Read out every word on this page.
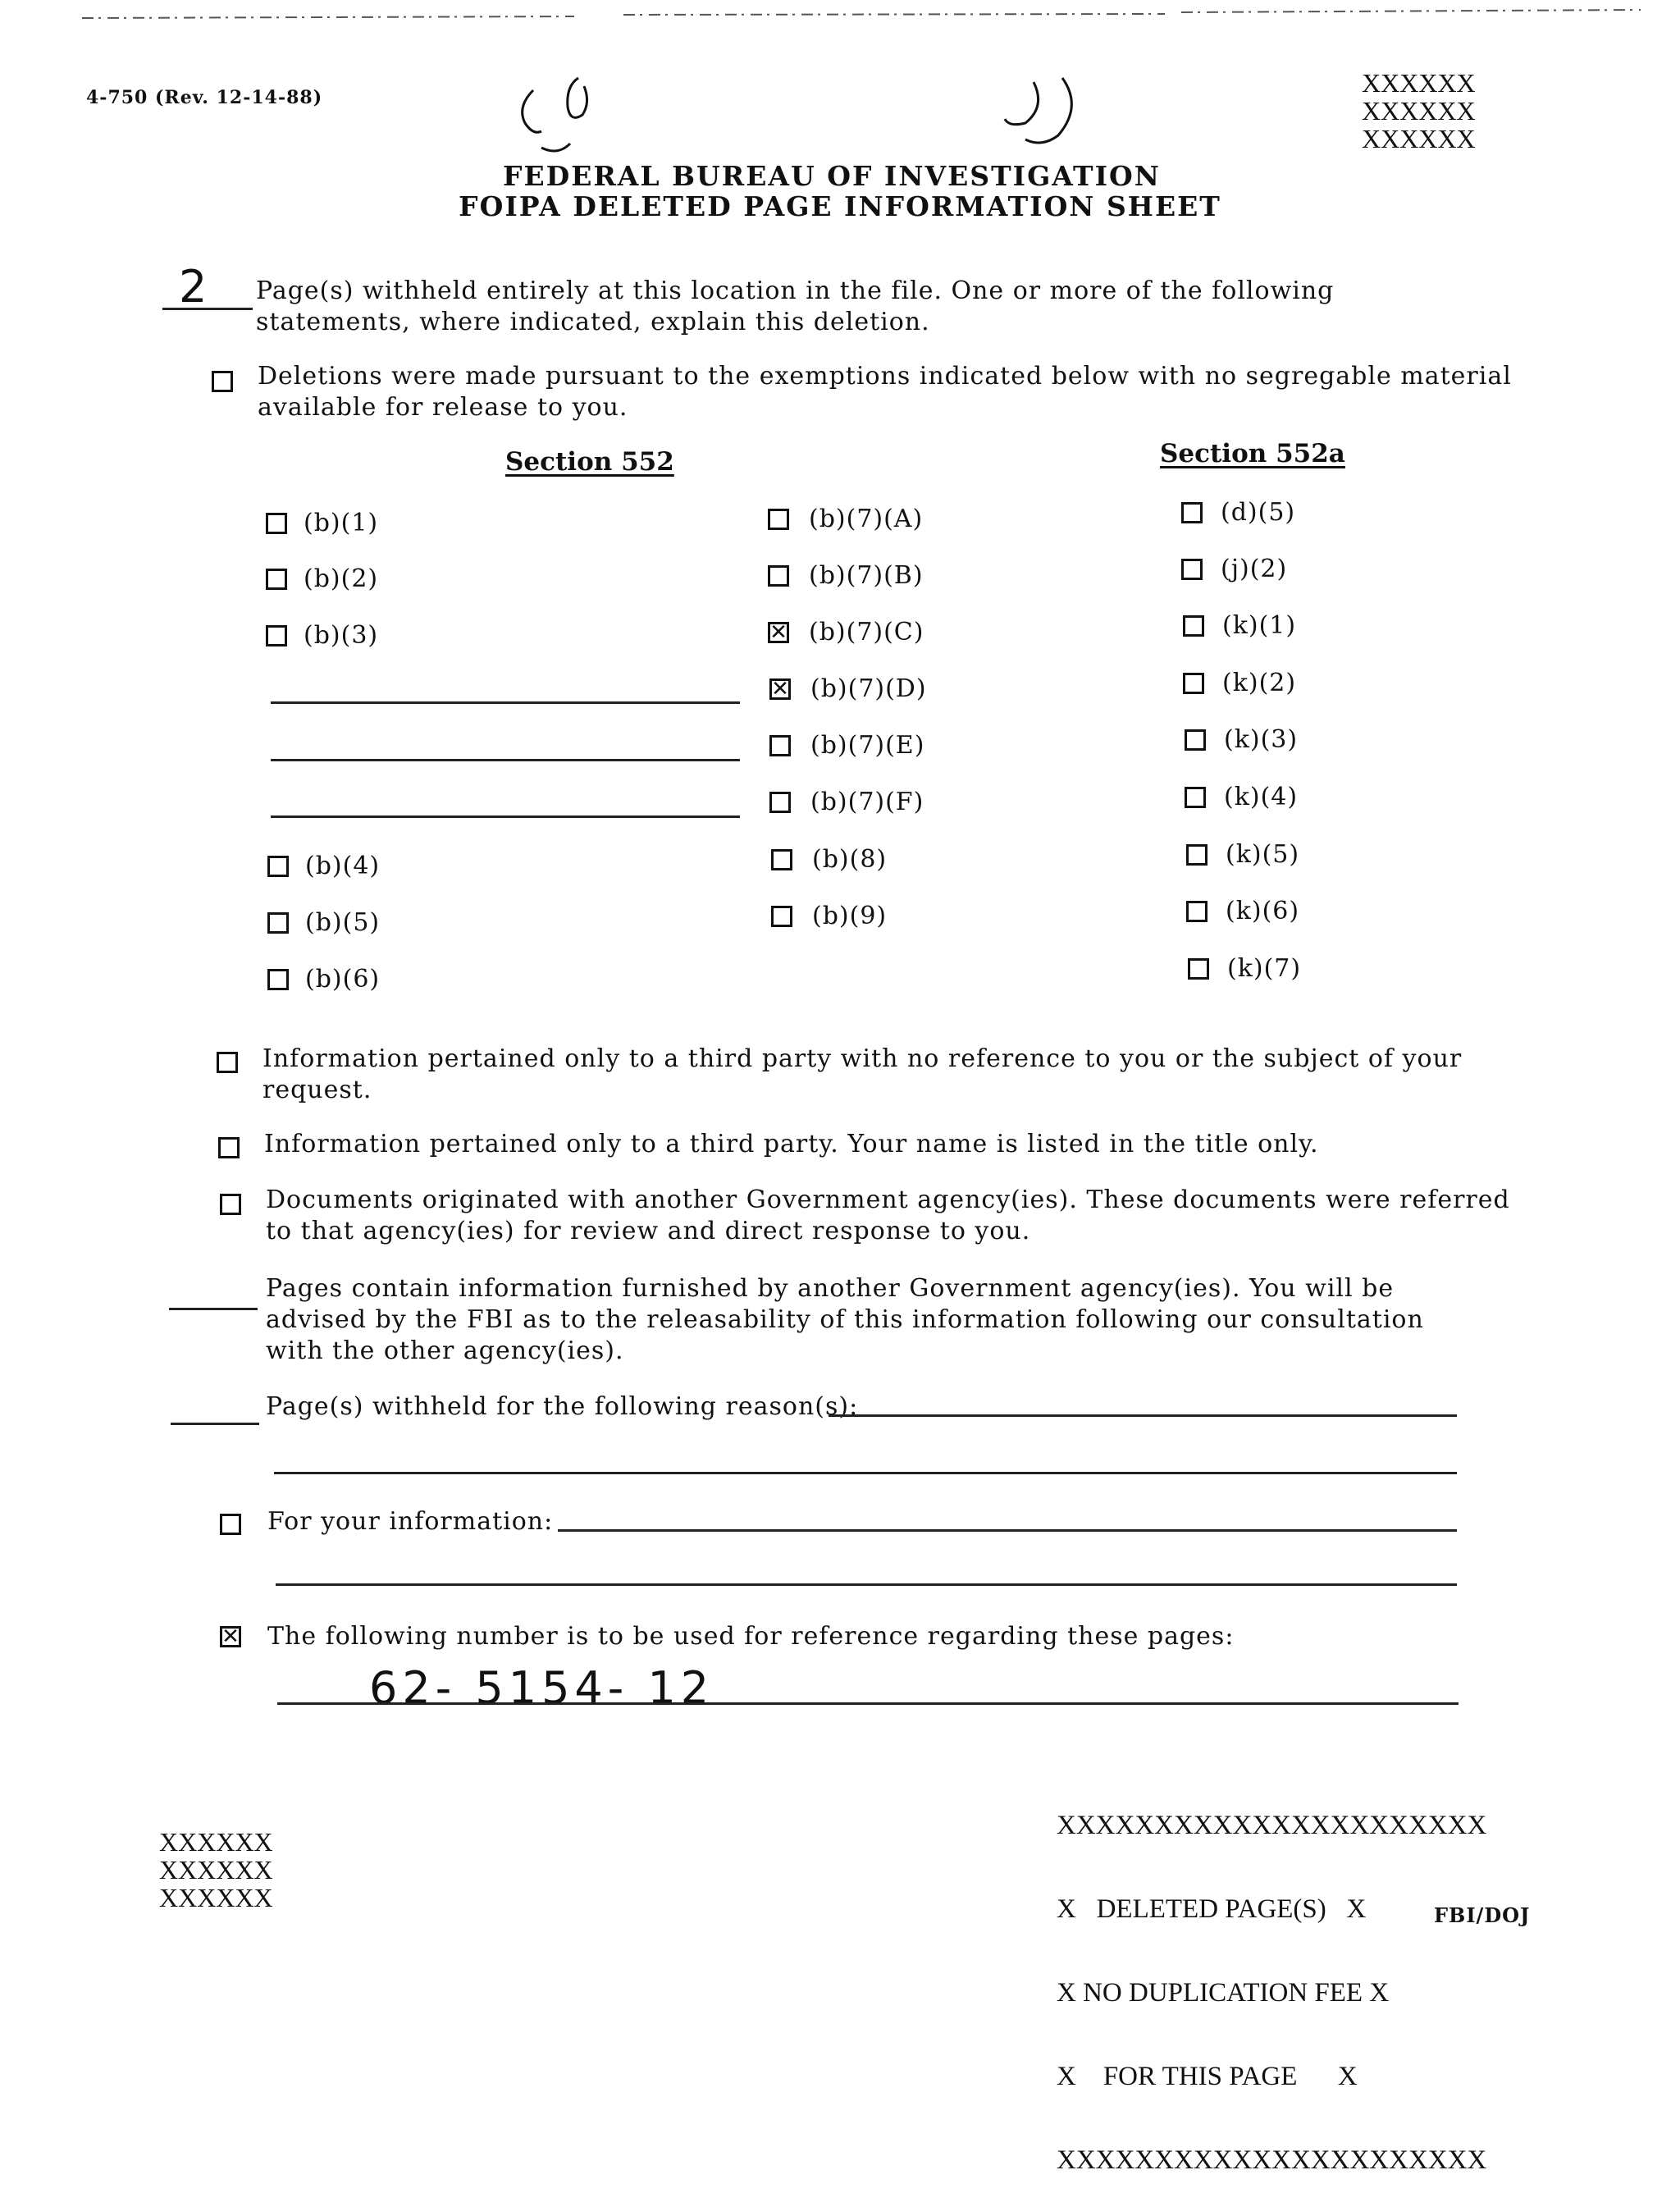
4-750 (Rev. 12-14-88)	XXXXXX
XXXXXX
XXXXXX
FEDERAL BUREAU OF INVESTIGATION
FOIPA DELETED PAGE INFORMATION SHEET
2 Page(s) withheld entirely at this location in the file. One or more of the following
statements, where indicated, explain this deletion.
Deletions were made pursuant to the exemptions indicated below with no segregable material
available for release to you.
Section 552	Section 552a
(b)(1)
(b)(2)
(b)(3)
(b)(4)
(b)(5)
(b)(6)
(b)(7)(A)
(b)(7)(B)
✕ (b)(7)(C)
✕ (b)(7)(D)
(b)(7)(E)
(b)(7)(F)
(b)(8)
(b)(9)
(d)(5)
(j)(2)
(k)(1)
(k)(2)
(k)(3)
(k)(4)
(k)(5)
(k)(6)
(k)(7)
Information pertained only to a third party with no reference to you or the subject of your
request.
Information pertained only to a third party. Your name is listed in the title only.
Documents originated with another Government agency(ies). These documents were referred
to that agency(ies) for review and direct response to you.
Pages contain information furnished by another Government agency(ies). You will be
advised by the FBI as to the releasability of this information following our consultation
with the other agency(ies).
Page(s) withheld for the following reason(s):
For your information:
✕ The following number is to be used for reference regarding these pages:
62- 5154- 12
XXXXXX
XXXXXX
XXXXXX

XXXXXXXXXXXXXXXXXXXXXX

X   DELETED PAGE(S)   X

X NO DUPLICATION FEE X

X    FOR THIS PAGE      X

XXXXXXXXXXXXXXXXXXXXXX

FBI/DOJ
